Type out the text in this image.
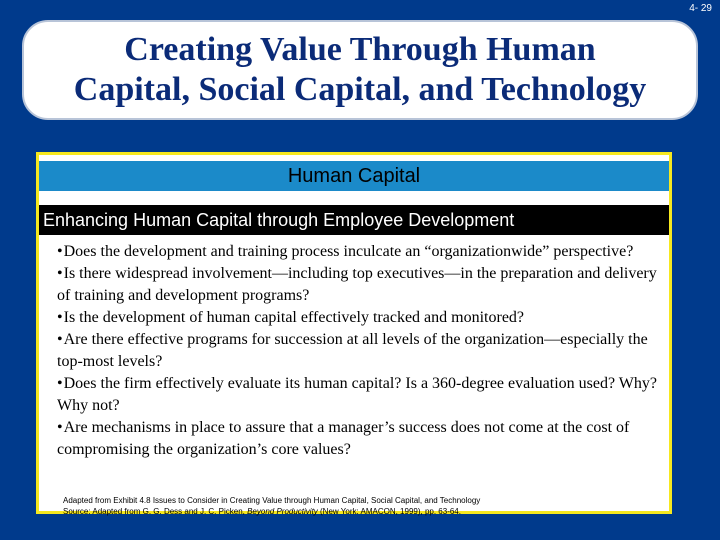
4- 29
Creating Value Through Human
Capital, Social Capital, and Technology
Human Capital
Enhancing Human Capital through Employee Development
•Does the development and training process inculcate an “organizationwide” perspective?
•Is there widespread involvement—including top executives—in the preparation and delivery of training and development programs?
•Is the development of human capital effectively tracked and monitored?
•Are there effective programs for succession at all levels of the organization—especially the top-most levels?
•Does the firm effectively evaluate its human capital? Is a 360-degree evaluation used? Why? Why not?
•Are mechanisms in place to assure that a manager’s success does not come at the cost of compromising the organization’s core values?
Adapted from Exhibit 4.8 Issues to Consider in Creating Value through Human Capital, Social Capital, and Technology
Source: Adapted from G. G. Dess and J. C. Picken, Beyond Productivity (New York: AMACON, 1999), pp. 63-64.
